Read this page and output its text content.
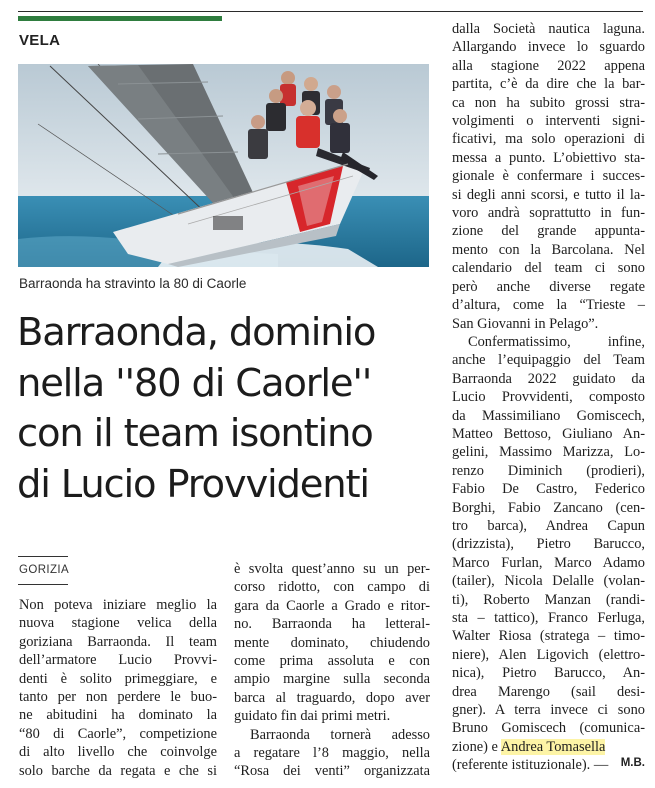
VELA
Barraonda ha stravinto la 80 di Caorle
Barraonda, dominio
nella ''80 di Caorle''
con il team isontino
di Lucio Provvidenti
GORIZIA
Non poteva iniziare meglio la
nuova stagione velica della
goriziana Barraonda. Il team
dell’armatore Lucio Provvi-
denti è solito primeggiare, e
tanto per non perdere le buo-
ne abitudini ha dominato la
“80 di Caorle”, competizione
di alto livello che coinvolge
solo barche da regata e che si
è svolta quest’anno su un per-
corso ridotto, con campo di
gara da Caorle a Grado e ritor-
no. Barraonda ha letteral-
mente dominato, chiudendo
come prima assoluta e con
ampio margine sulla seconda
barca al traguardo, dopo aver
guidato fin dai primi metri.
Barraonda tornerà adesso
a regatare l’8 maggio, nella
“Rosa dei venti” organizzata
dalla Società nautica laguna.
Allargando invece lo sguardo
alla stagione 2022 appena
partita, c’è da dire che la bar-
ca non ha subito grossi stra-
volgimenti o interventi signi-
ficativi, ma solo operazioni di
messa a punto. L’obiettivo sta-
gionale è confermare i succes-
si degli anni scorsi, e tutto il la-
voro andrà soprattutto in fun-
zione del grande appunta-
mento con la Barcolana. Nel
calendario del team ci sono
però anche diverse regate
d’altura, come la “Trieste –
San Giovanni in Pelago”.
Confermatissimo, infine,
anche l’equipaggio del Team
Barraonda 2022 guidato da
Lucio Provvidenti, composto
da Massimiliano Gomiscech,
Matteo Bettoso, Giuliano An-
gelini, Massimo Marizza, Lo-
renzo Diminich (prodieri),
Fabio De Castro, Federico
Borghi, Fabio Zancano (cen-
tro barca), Andrea Capun
(drizzista), Pietro Barucco,
Marco Furlan, Marco Adamo
(tailer), Nicola Delalle (volan-
ti), Roberto Manzan (randi-
sta – tattico), Franco Ferluga,
Walter Riosa (stratega – timo-
niere), Alen Ligovich (elettro-
nica), Pietro Barucco, An-
drea Marengo (sail desi-
gner). A terra invece ci sono
Bruno Gomiscech (comunica-
zione) e Andrea Tomasella
(referente istituzionale). —	M.B.
